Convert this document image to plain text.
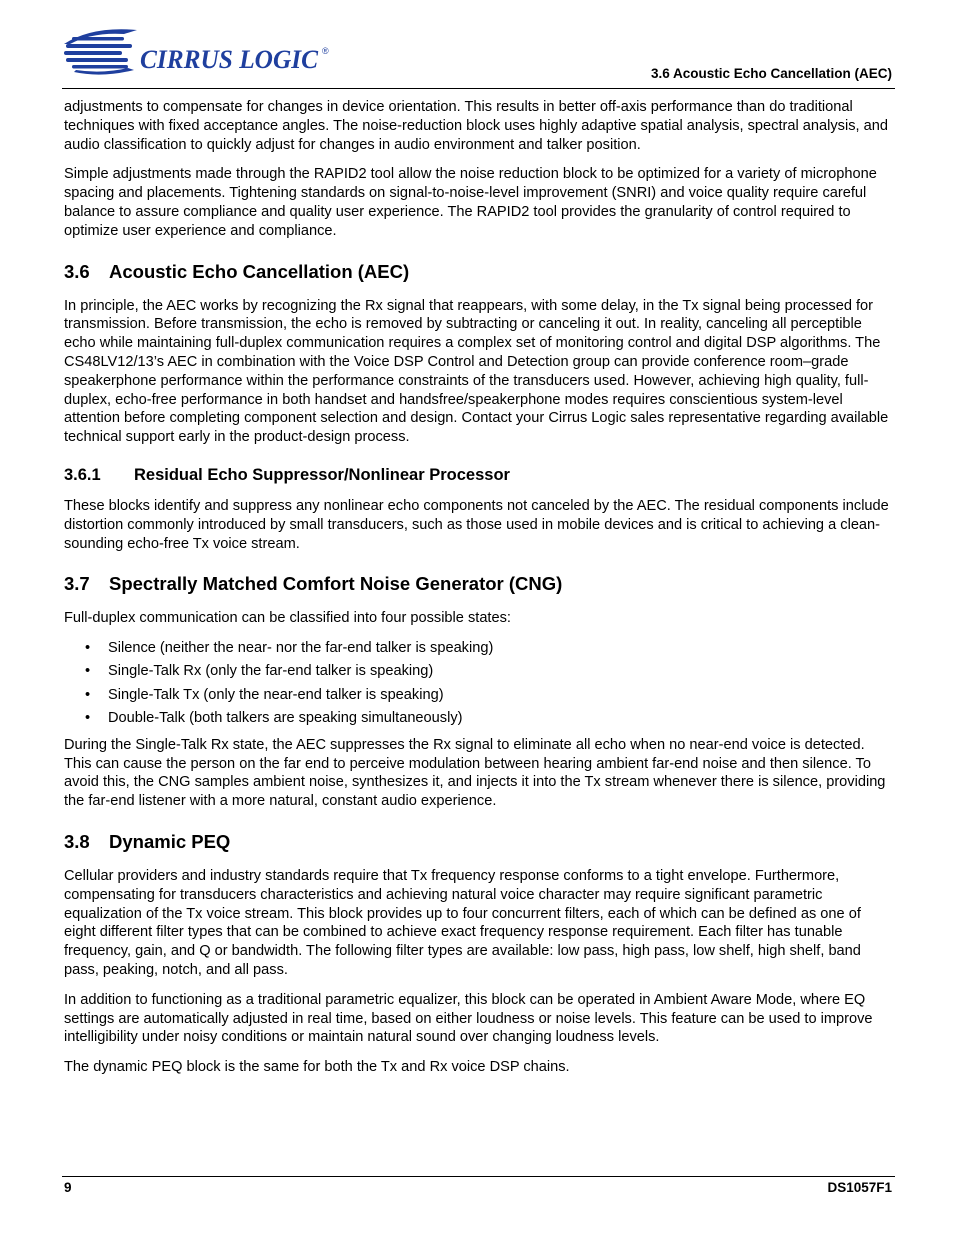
CIRRUS LOGIC ®
3.6 Acoustic Echo Cancellation (AEC)

adjustments to compensate for changes in device orientation. This results in better off-axis performance than do traditional techniques with fixed acceptance angles. The noise-reduction block uses highly adaptive spatial analysis, spectral analysis, and audio classification to quickly adjust for changes in audio environment and talker position.

Simple adjustments made through the RAPID2 tool allow the noise reduction block to be optimized for a variety of microphone spacing and placements. Tightening standards on signal-to-noise-level improvement (SNRI) and voice quality require careful balance to assure compliance and quality user experience. The RAPID2 tool provides the granularity of control required to optimize user experience and compliance.

3.6 Acoustic Echo Cancellation (AEC)

In principle, the AEC works by recognizing the Rx signal that reappears, with some delay, in the Tx signal being processed for transmission. Before transmission, the echo is removed by subtracting or canceling it out. In reality, canceling all perceptible echo while maintaining full-duplex communication requires a complex set of monitoring control and digital DSP algorithms. The CS48LV12/13’s AEC in combination with the Voice DSP Control and Detection group can provide conference room–grade speakerphone performance within the performance constraints of the transducers used. However, achieving high quality, full-duplex, echo-free performance in both handset and handsfree/speakerphone modes requires conscientious system-level attention before completing component selection and design. Contact your Cirrus Logic sales representative regarding available technical support early in the product-design process.

3.6.1 Residual Echo Suppressor/Nonlinear Processor

These blocks identify and suppress any nonlinear echo components not canceled by the AEC. The residual components include distortion commonly introduced by small transducers, such as those used in mobile devices and is critical to achieving a clean-sounding echo-free Tx voice stream.

3.7 Spectrally Matched Comfort Noise Generator (CNG)

Full-duplex communication can be classified into four possible states:

• Silence (neither the near- nor the far-end talker is speaking)
• Single-Talk Rx (only the far-end talker is speaking)
• Single-Talk Tx (only the near-end talker is speaking)
• Double-Talk (both talkers are speaking simultaneously)

During the Single-Talk Rx state, the AEC suppresses the Rx signal to eliminate all echo when no near-end voice is detected. This can cause the person on the far end to perceive modulation between hearing ambient far-end noise and then silence. To avoid this, the CNG samples ambient noise, synthesizes it, and injects it into the Tx stream whenever there is silence, providing the far-end listener with a more natural, constant audio experience.

3.8 Dynamic PEQ

Cellular providers and industry standards require that Tx frequency response conforms to a tight envelope. Furthermore, compensating for transducers characteristics and achieving natural voice character may require significant parametric equalization of the Tx voice stream. This block provides up to four concurrent filters, each of which can be defined as one of eight different filter types that can be combined to achieve exact frequency response requirement. Each filter has tunable frequency, gain, and Q or bandwidth. The following filter types are available: low pass, high pass, low shelf, high shelf, band pass, peaking, notch, and all pass.

In addition to functioning as a traditional parametric equalizer, this block can be operated in Ambient Aware Mode, where EQ settings are automatically adjusted in real time, based on either loudness or noise levels. This feature can be used to improve intelligibility under noisy conditions or maintain natural sound over changing loudness levels.

The dynamic PEQ block is the same for both the Tx and Rx voice DSP chains.

9	DS1057F1
